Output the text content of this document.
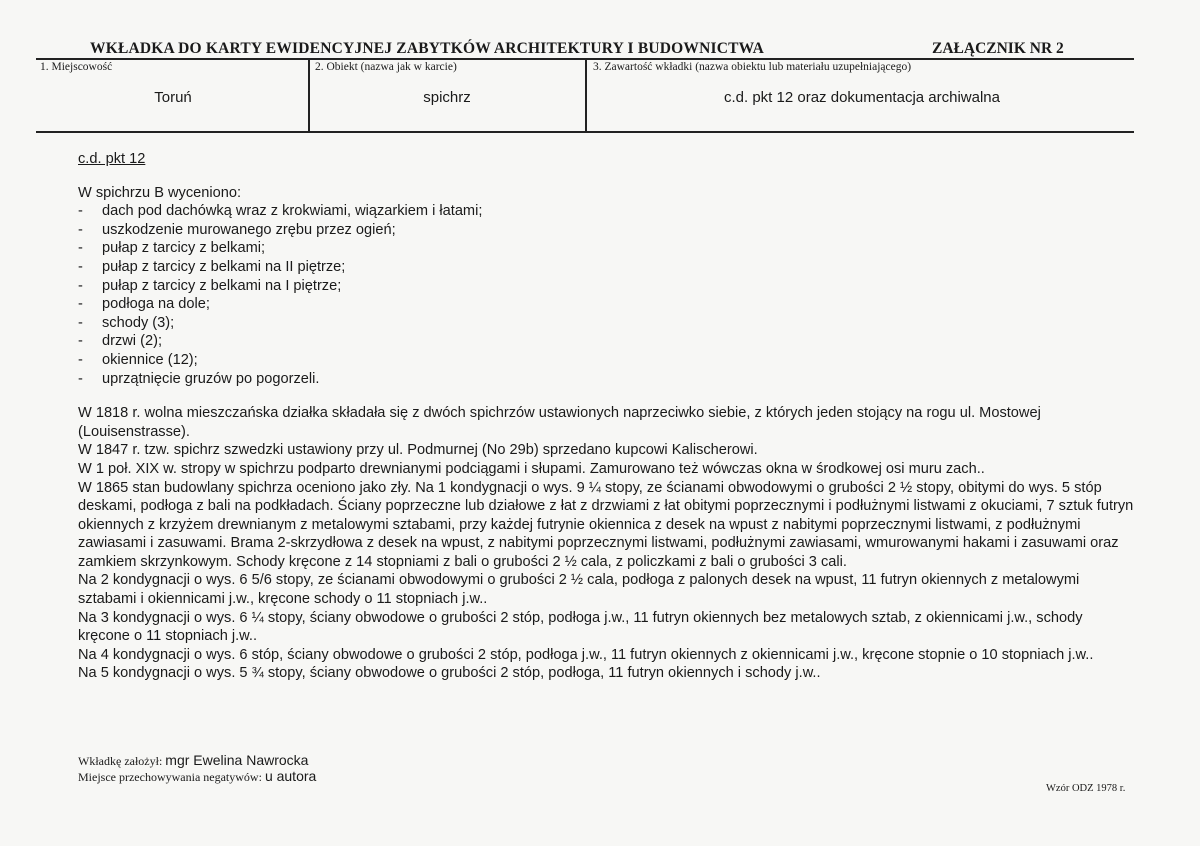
WKŁADKA DO KARTY EWIDENCYJNEJ ZABYTKÓW ARCHITEKTURY I BUDOWNICTWA	ZAŁĄCZNIK NR 2
1. Miejscowość
Toruń
2. Obiekt (nazwa jak w karcie)
spichrz
3. Zawartość wkładki (nazwa obiektu lub materiału uzupełniającego)
c.d. pkt 12 oraz dokumentacja archiwalna

c.d. pkt 12

W spichrzu B wyceniono:

- dach pod dachówką wraz z krokwiami, wiązarkiem i łatami;
- uszkodzenie murowanego zrębu przez ogień;
- pułap z tarcicy z belkami;
- pułap z tarcicy z belkami na II piętrze;
- pułap z tarcicy z belkami na I piętrze;
- podłoga na dole;
- schody (3);
- drzwi (2);
- okiennice (12);
- uprzątnięcie gruzów po pogorzeli.

W 1818 r. wolna mieszczańska działka składała się z dwóch spichrzów ustawionych naprzeciwko siebie, z których jeden stojący na rogu ul. Mostowej (Louisenstrasse).

W 1847 r. tzw. spichrz szwedzki ustawiony przy ul. Podmurnej (No 29b) sprzedano kupcowi Kalischerowi.

W 1 poł. XIX w. stropy w spichrzu podparto drewnianymi podciągami i słupami. Zamurowano też wówczas okna w środkowej osi muru zach..

W 1865 stan budowlany spichrza oceniono jako zły. Na 1 kondygnacji o wys. 9 ¼ stopy, ze ścianami obwodowymi o grubości 2 ½ stopy, obitymi do wys. 5 stóp deskami, podłoga z bali na podkładach. Ściany poprzeczne lub działowe z łat z drzwiami z łat obitymi poprzecznymi i podłużnymi listwami z okuciami, 7 sztuk futryn okiennych z krzyżem drewnianym z metalowymi sztabami, przy każdej futrynie okiennica z desek na wpust z nabitymi poprzecznymi listwami, z podłużnymi zawiasami i zasuwami. Brama 2-skrzydłowa z desek na wpust, z nabitymi poprzecznymi listwami, podłużnymi zawiasami, wmurowanymi hakami i zasuwami oraz zamkiem skrzynkowym. Schody kręcone z 14 stopniami z bali o grubości 2 ½ cala, z policzkami z bali o grubości 3 cali.

Na 2 kondygnacji o wys. 6 5/6 stopy, ze ścianami obwodowymi o grubości 2 ½ cala, podłoga z palonych desek na wpust, 11 futryn okiennych z metalowymi sztabami i okiennicami j.w., kręcone schody o 11 stopniach j.w..

Na 3 kondygnacji o wys. 6 ¼ stopy, ściany obwodowe o grubości 2 stóp, podłoga j.w., 11 futryn okiennych bez metalowych sztab, z okiennicami j.w., schody kręcone o 11 stopniach j.w..

Na 4 kondygnacji o wys. 6 stóp, ściany obwodowe o grubości 2 stóp, podłoga j.w., 11 futryn okiennych z okiennicami j.w., kręcone stopnie o 10 stopniach j.w..

Na 5 kondygnacji o wys. 5 ¾ stopy, ściany obwodowe o grubości 2 stóp, podłoga, 11 futryn okiennych i schody j.w..

Wkładkę założył: mgr Ewelina Nawrocka
Miejsce przechowywania negatywów: u autora
Wzór ODZ 1978 r.
